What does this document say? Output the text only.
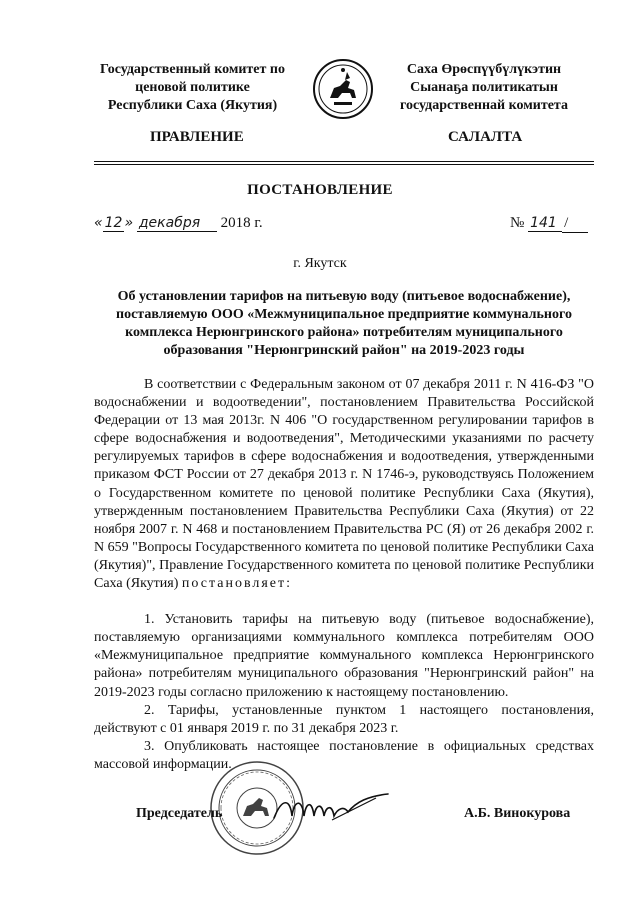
Государственный комитет по
ценовой политике
Республики Саха (Якутия)
Саха Өрөспүүбүлүкэтин
Сыанаҕа политикатын
государственнай комитета
ПРАВЛЕНИЕ	САЛАЛТА
ПОСТАНОВЛЕНИЕ
« 12 » декабря 2018 г.	№ 141 /
г. Якутск
Об установлении тарифов на питьевую воду (питьевое водоснабжение),
поставляемую ООО «Межмуниципальное предприятие коммунального
комплекса Нерюнгринского района» потребителям муниципального
образования "Нерюнгринский район" на 2019-2023 годы

В соответствии с Федеральным законом от 07 декабря 2011 г. N 416-ФЗ "О водоснабжении и водоотведении", постановлением Правительства Российской Федерации от 13 мая 2013г. N 406 "О государственном регулировании тарифов в сфере водоснабжения и водоотведения", Методическими указаниями по расчету регулируемых тарифов в сфере водоснабжения и водоотведения, утвержденными приказом ФСТ России от 27 декабря 2013 г. N 1746-э, руководствуясь Положением о Государственном комитете по ценовой политике Республики Саха (Якутия), утвержденным постановлением Правительства Республики Саха (Якутия) от 22 ноября 2007 г. N 468 и постановлением Правительства РС (Я) от 26 декабря 2002 г. N 659 "Вопросы Государственного комитета по ценовой политике Республики Саха (Якутия)", Правление Государственного комитета по ценовой политике Республики Саха (Якутия) постановляет:

1. Установить тарифы на питьевую воду (питьевое водоснабжение), поставляемую организациями коммунального комплекса потребителям ООО «Межмуниципальное предприятие коммунального комплекса Нерюнгринского района» потребителям муниципального образования "Нерюнгринский район" на 2019-2023 годы согласно приложению к настоящему постановлению.

2. Тарифы, установленные пунктом 1 настоящего постановления, действуют с 01 января 2019 г. по 31 декабря 2023 г.

3. Опубликовать настоящее постановление в официальных средствах массовой информации.

Председатель	А.Б. Винокурова
